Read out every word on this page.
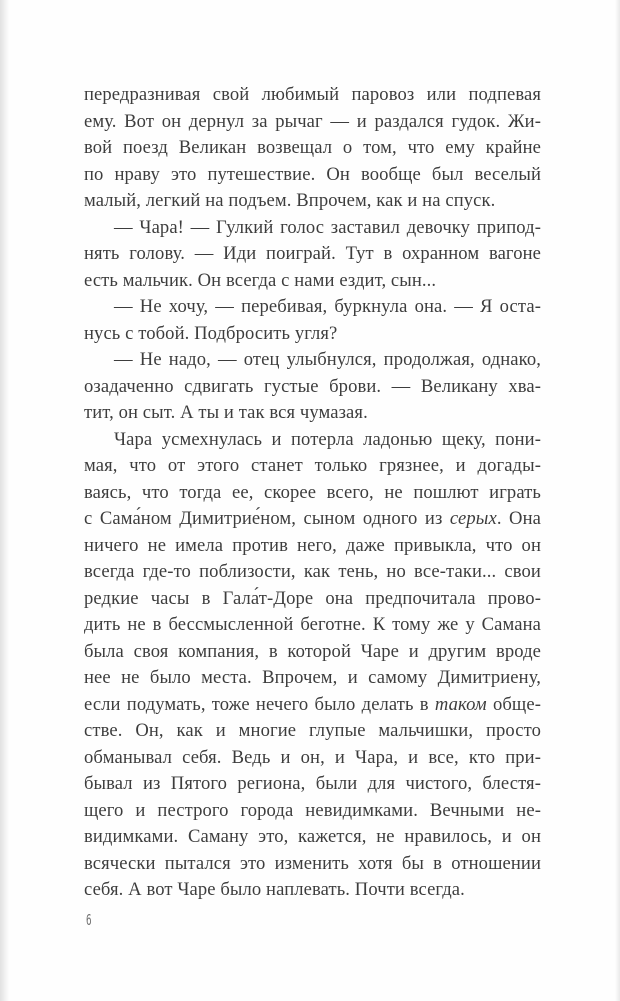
передразнивая свой любимый паровоз или подпевая
ему. Вот он дернул за рычаг — и раздался гудок. Жи-
вой поезд Великан возвещал о том, что ему крайне
по нраву это путешествие. Он вообще был веселый
малый, легкий на подъем. Впрочем, как и на спуск.
— Чара! — Гулкий голос заставил девочку припод-
нять голову. — Иди поиграй. Тут в охранном вагоне
есть мальчик. Он всегда с нами ездит, сын...
— Не хочу, — перебивая, буркнула она. — Я оста-
нусь с тобой. Подбросить угля?
— Не надо, — отец улыбнулся, продолжая, однако,
озадаченно сдвигать густые брови. — Великану хва-
тит, он сыт. А ты и так вся чумазая.
Чара усмехнулась и потерла ладонью щеку, пони-
мая, что от этого станет только грязнее, и догады-
ваясь, что тогда ее, скорее всего, не пошлют играть
с Сама́ном Димитрие́ном, сыном одного из серых. Она
ничего не имела против него, даже привыкла, что он
всегда где-то поблизости, как тень, но все-таки... свои
редкие часы в Гала́т-Доре она предпочитала прово-
дить не в бессмысленной беготне. К тому же у Самана
была своя компания, в которой Чаре и другим вроде
нее не было места. Впрочем, и самому Димитриену,
если подумать, тоже нечего было делать в таком обще-
стве. Он, как и многие глупые мальчишки, просто
обманывал себя. Ведь и он, и Чара, и все, кто при-
бывал из Пятого региона, были для чистого, блестя-
щего и пестрого города невидимками. Вечными не-
видимками. Саману это, кажется, не нравилось, и он
всячески пытался это изменить хотя бы в отношении
себя. А вот Чаре было наплевать. Почти всегда.
6
